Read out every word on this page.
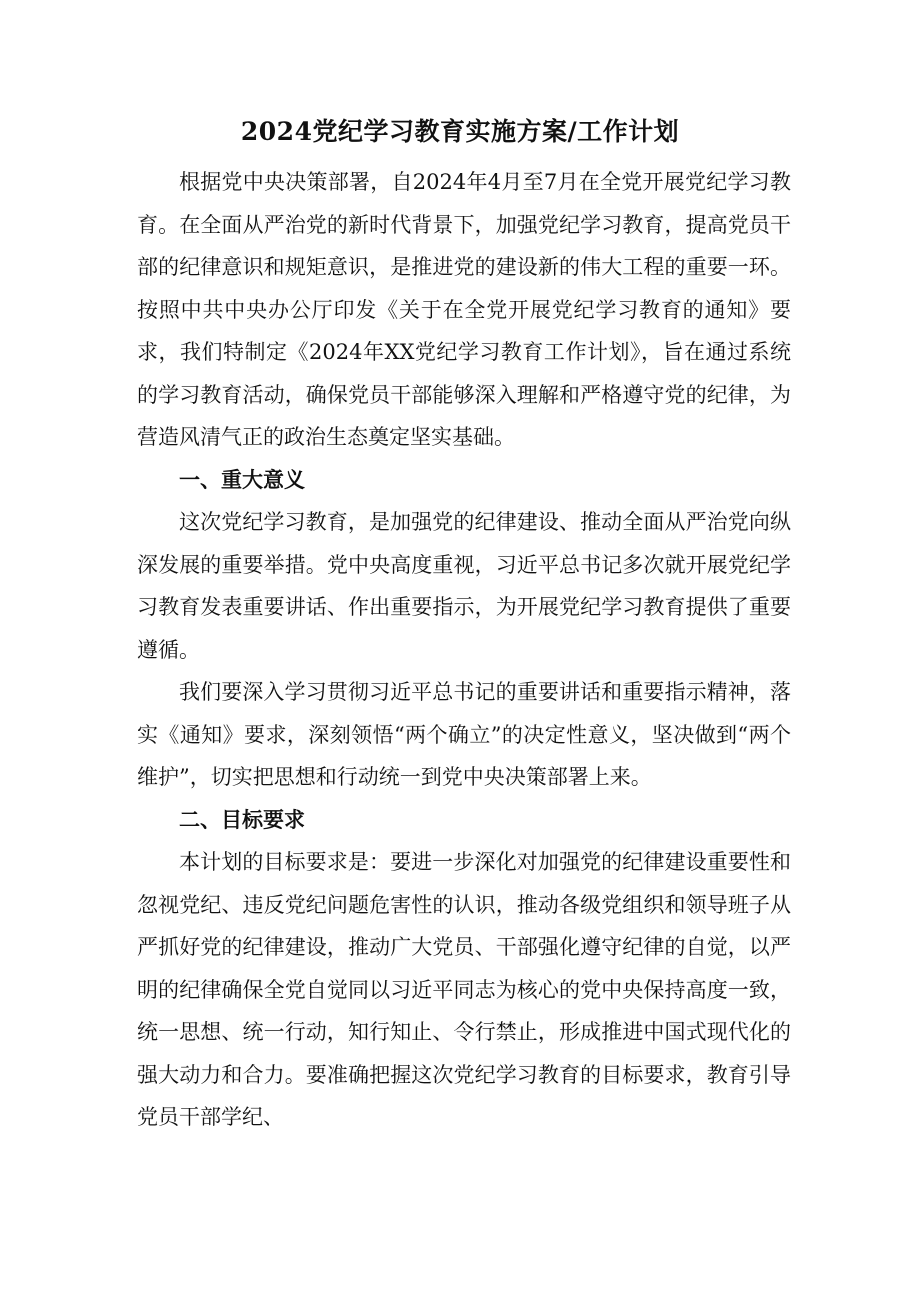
2024党纪学习教育实施方案/工作计划

根据党中央决策部署，自2024年4月至7月在全党开展党纪学习教育。在全面从严治党的新时代背景下，加强党纪学习教育，提高党员干部的纪律意识和规矩意识，是推进党的建设新的伟大工程的重要一环。按照中共中央办公厅印发《关于在全党开展党纪学习教育的通知》要求，我们特制定《2024年XX党纪学习教育工作计划》，旨在通过系统的学习教育活动，确保党员干部能够深入理解和严格遵守党的纪律，为营造风清气正的政治生态奠定坚实基础。

一、重大意义

这次党纪学习教育，是加强党的纪律建设、推动全面从严治党向纵深发展的重要举措。党中央高度重视，习近平总书记多次就开展党纪学习教育发表重要讲话、作出重要指示，为开展党纪学习教育提供了重要遵循。

我们要深入学习贯彻习近平总书记的重要讲话和重要指示精神，落实《通知》要求，深刻领悟“两个确立”的决定性意义，坚决做到“两个维护”，切实把思想和行动统一到党中央决策部署上来。

二、目标要求

本计划的目标要求是：要进一步深化对加强党的纪律建设重要性和忽视党纪、违反党纪问题危害性的认识，推动各级党组织和领导班子从严抓好党的纪律建设，推动广大党员、干部强化遵守纪律的自觉，以严明的纪律确保全党自觉同以习近平同志为核心的党中央保持高度一致，统一思想、统一行动，知行知止、令行禁止，形成推进中国式现代化的强大动力和合力。要准确把握这次党纪学习教育的目标要求，教育引导党员干部学纪、
